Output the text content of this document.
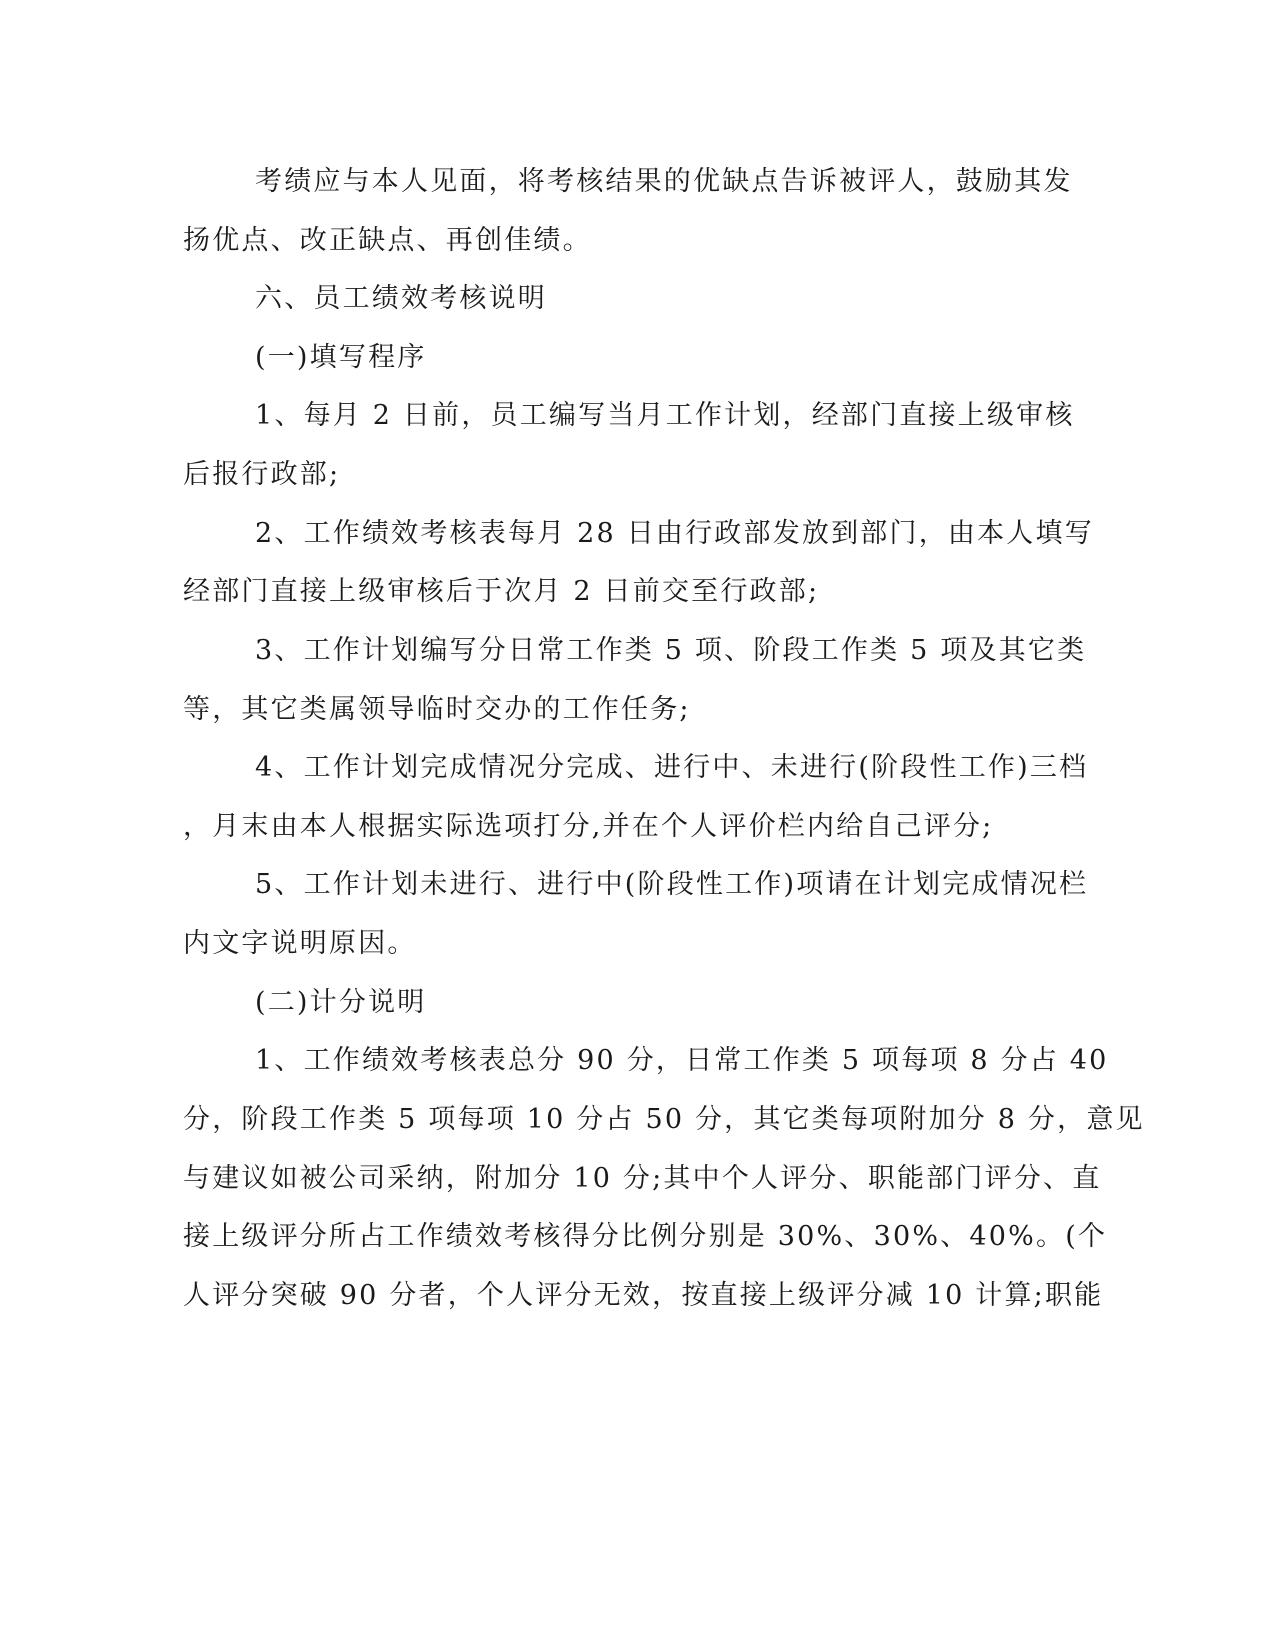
考绩应与本人见面，将考核结果的优缺点告诉被评人，鼓励其发
扬优点、改正缺点、再创佳绩。
六、员工绩效考核说明
(一)填写程序
1、每月 2 日前，员工编写当月工作计划，经部门直接上级审核
后报行政部;
2、工作绩效考核表每月 28 日由行政部发放到部门，由本人填写
经部门直接上级审核后于次月 2 日前交至行政部;
3、工作计划编写分日常工作类 5 项、阶段工作类 5 项及其它类
等，其它类属领导临时交办的工作任务;
4、工作计划完成情况分完成、进行中、未进行(阶段性工作)三档
，月末由本人根据实际选项打分,并在个人评价栏内给自己评分;
5、工作计划未进行、进行中(阶段性工作)项请在计划完成情况栏
内文字说明原因。
(二)计分说明
1、工作绩效考核表总分 90 分，日常工作类 5 项每项 8 分占 40
分，阶段工作类 5 项每项 10 分占 50 分，其它类每项附加分 8 分，意见
与建议如被公司采纳，附加分 10 分;其中个人评分、职能部门评分、直
接上级评分所占工作绩效考核得分比例分别是 30%、30%、40%。(个
人评分突破 90 分者，个人评分无效，按直接上级评分减 10 计算;职能
